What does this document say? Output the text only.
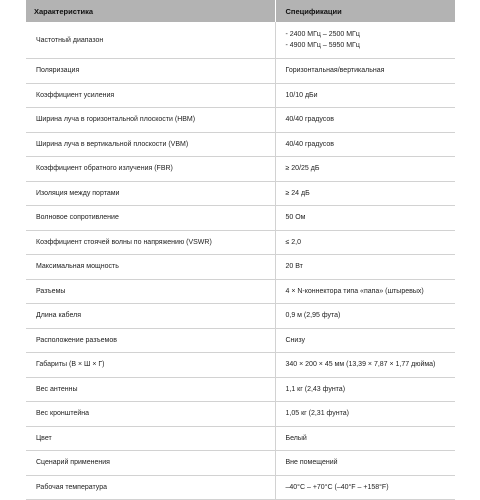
Характеристика	Спецификации
Частотный диапазон	- 2400 МГц – 2500 МГц
- 4900 МГц – 5950 МГц

Поляризация	Горизонтальная/вертикальная
Коэффициент усиления	10/10 дБи
Ширина луча в горизонтальной плоскости (HBM)	40/40 градусов
Ширина луча в вертикальной плоскости (VBM)	40/40 градусов
Коэффициент обратного излучения (FBR)	≥ 20/25 дБ
Изоляция между портами	≥ 24 дБ
Волновое сопротивление	50 Ом
Коэффициент стоячей волны по напряжению (VSWR)	≤ 2,0
Максимальная мощность	20 Вт
Разъемы	4 × N-коннектора типа «папа» (штыревых)
Длина кабеля	0,9 м (2,95 фута)
Расположение разъемов	Снизу
Габариты (В × Ш × Г)	340 × 200 × 45 мм (13,39 × 7,87 × 1,77 дюйма)
Вес антенны	1,1 кг (2,43 фунта)
Вес кронштейна	1,05 кг (2,31 фунта)
Цвет	Белый
Сценарий применения	Вне помещений
Рабочая температура	–40°C – +70°C (–40°F – +158°F)
